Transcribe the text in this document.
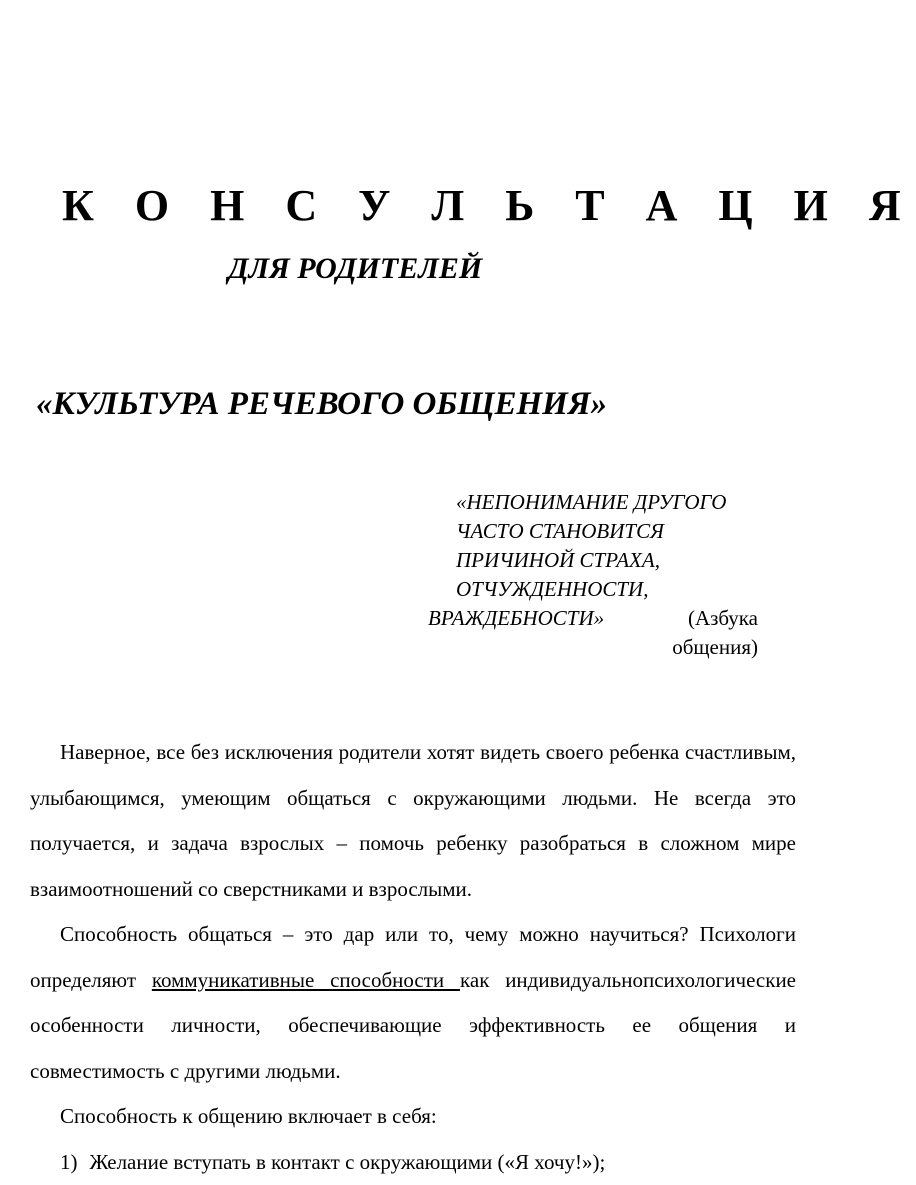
К О Н С У Л Ь Т А Ц И Я
ДЛЯ РОДИТЕЛЕЙ
«КУЛЬТУРА РЕЧЕВОГО ОБЩЕНИЯ»
«НЕПОНИМАНИЕ ДРУГОГО
ЧАСТО СТАНОВИТСЯ
ПРИЧИНОЙ СТРАХА,
ОТЧУЖДЕННОСТИ,
ВРАЖДЕБНОСТИ»	(Азбука
общения)

Наверное, все без исключения родители хотят видеть своего ребенка счастливым, улыбающимся, умеющим общаться с окружающими людьми. Не всегда это получается, и задача взрослых – помочь ребенку разобраться в сложном мире взаимоотношений со сверстниками и взрослыми.

Способность общаться – это дар или то, чему можно научиться? Психологи определяют коммуникативные способности как индивидуальнопсихологические особенности личности, обеспечивающие эффективность ее общения и совместимость с другими людьми.

Способность к общению включает в себя:

1) Желание вступать в контакт с окружающими («Я хочу!»);
